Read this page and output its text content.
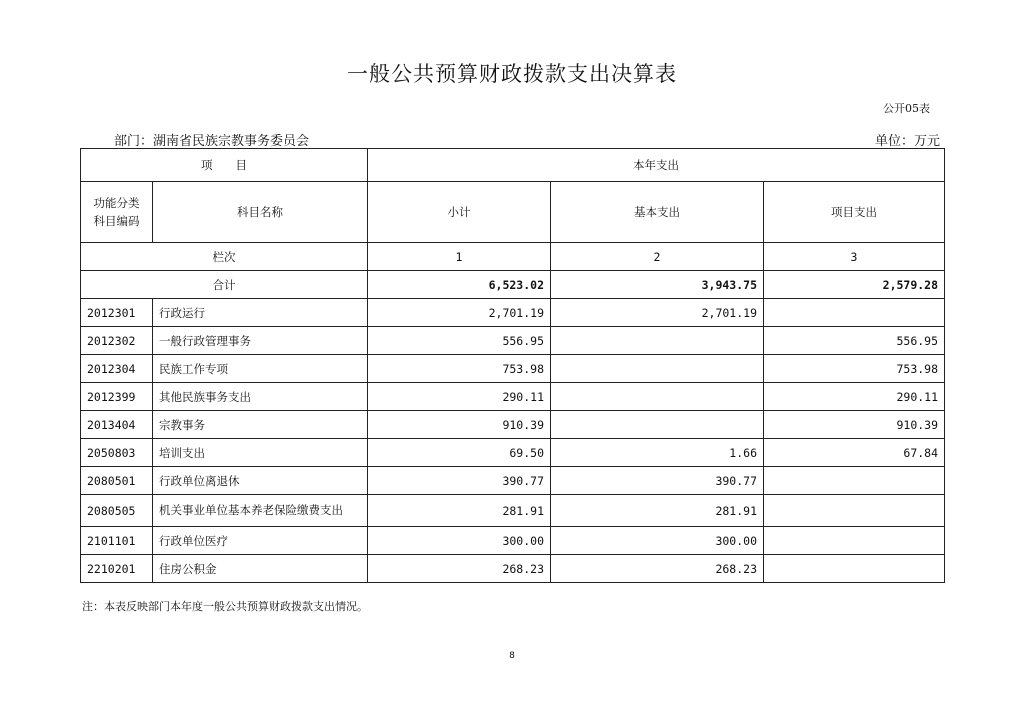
一般公共预算财政拨款支出决算表
公开05表
部门：湖南省民族宗教事务委员会	单位：万元
项　　目		本年支出		
功能分类
科目编码	科目名称	小计	基本支出	项目支出
栏次		1	2	3
合计		6,523.02	3,943.75	2,579.28
2012301	行政运行	2,701.19	2,701.19	
2012302	一般行政管理事务	556.95		556.95
2012304	民族工作专项	753.98		753.98
2012399	其他民族事务支出	290.11		290.11
2013404	宗教事务	910.39		910.39
2050803	培训支出	69.50	1.66	67.84
2080501	行政单位离退休	390.77	390.77	
2080505	机关事业单位基本养老保险缴费支出	281.91	281.91	
2101101	行政单位医疗	300.00	300.00	
2210201	住房公积金	268.23	268.23	
注：本表反映部门本年度一般公共预算财政拨款支出情况。
8
